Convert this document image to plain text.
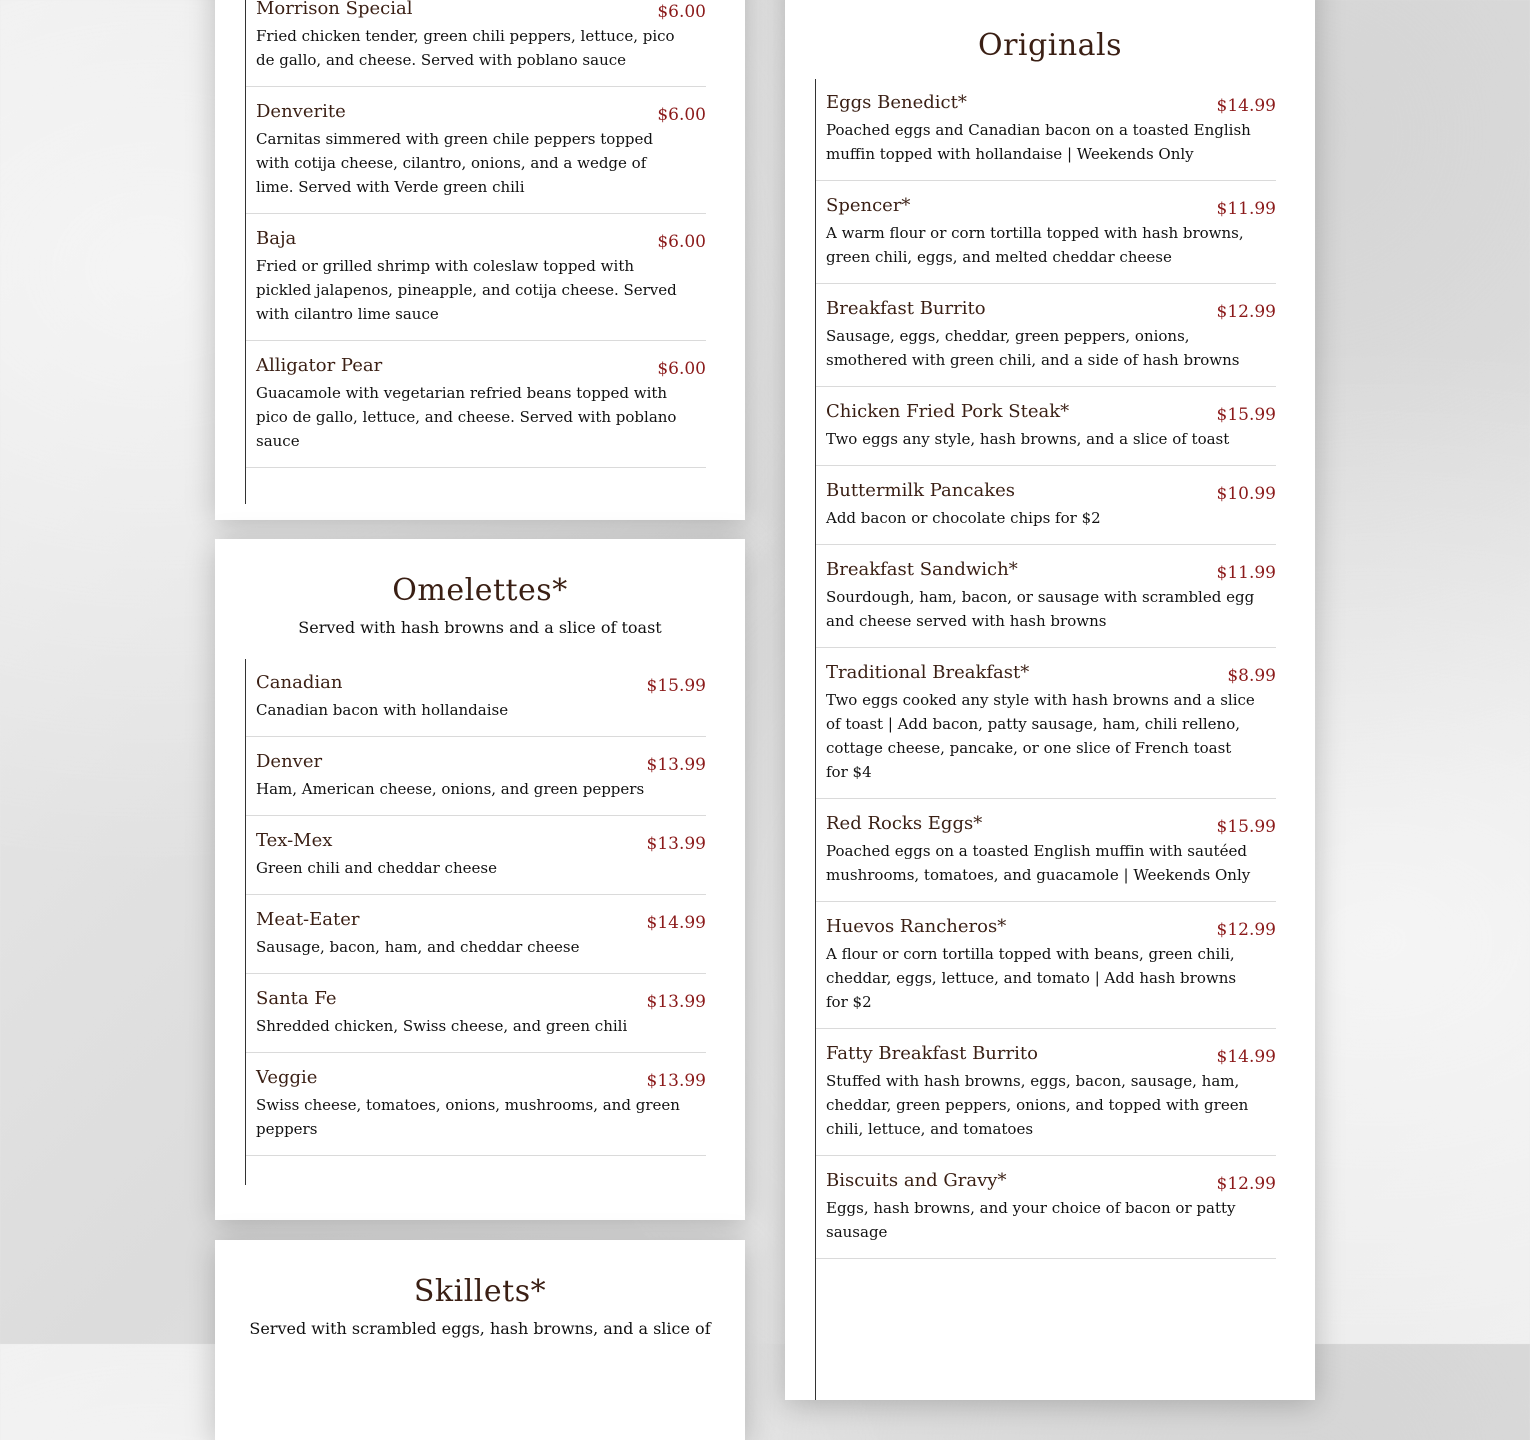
Morrison Special	$6.00
Fried chicken tender, green chili peppers, lettuce, pico de gallo, and cheese. Served with poblano sauce
Denverite	$6.00
Carnitas simmered with green chile peppers topped with cotija cheese, cilantro, onions, and a wedge of lime. Served with Verde green chili
Baja	$6.00
Fried or grilled shrimp with coleslaw topped with pickled jalapenos, pineapple, and cotija cheese. Served with cilantro lime sauce
Alligator Pear	$6.00
Guacamole with vegetarian refried beans topped with pico de gallo, lettuce, and cheese. Served with poblano sauce
Omelettes*
Served with hash browns and a slice of toast
Canadian	$15.99
Canadian bacon with hollandaise
Denver	$13.99
Ham, American cheese, onions, and green peppers
Tex-Mex	$13.99
Green chili and cheddar cheese
Meat-Eater	$14.99
Sausage, bacon, ham, and cheddar cheese
Santa Fe	$13.99
Shredded chicken, Swiss cheese, and green chili
Veggie	$13.99
Swiss cheese, tomatoes, onions, mushrooms, and green peppers
Skillets*
Served with scrambled eggs, hash browns, and a slice of
Originals
Eggs Benedict*	$14.99
Poached eggs and Canadian bacon on a toasted English muffin topped with hollandaise | Weekends Only
Spencer*	$11.99
A warm flour or corn tortilla topped with hash browns, green chili, eggs, and melted cheddar cheese
Breakfast Burrito	$12.99
Sausage, eggs, cheddar, green peppers, onions, smothered with green chili, and a side of hash browns
Chicken Fried Pork Steak*	$15.99
Two eggs any style, hash browns, and a slice of toast
Buttermilk Pancakes	$10.99
Add bacon or chocolate chips for $2
Breakfast Sandwich*	$11.99
Sourdough, ham, bacon, or sausage with scrambled egg and cheese served with hash browns
Traditional Breakfast*	$8.99
Two eggs cooked any style with hash browns and a slice of toast | Add bacon, patty sausage, ham, chili relleno, cottage cheese, pancake, or one slice of French toast for $4
Red Rocks Eggs*	$15.99
Poached eggs on a toasted English muffin with sautéed mushrooms, tomatoes, and guacamole | Weekends Only
Huevos Rancheros*	$12.99
A flour or corn tortilla topped with beans, green chili, cheddar, eggs, lettuce, and tomato | Add hash browns for $2
Fatty Breakfast Burrito	$14.99
Stuffed with hash browns, eggs, bacon, sausage, ham, cheddar, green peppers, onions, and topped with green chili, lettuce, and tomatoes
Biscuits and Gravy*	$12.99
Eggs, hash browns, and your choice of bacon or patty sausage
